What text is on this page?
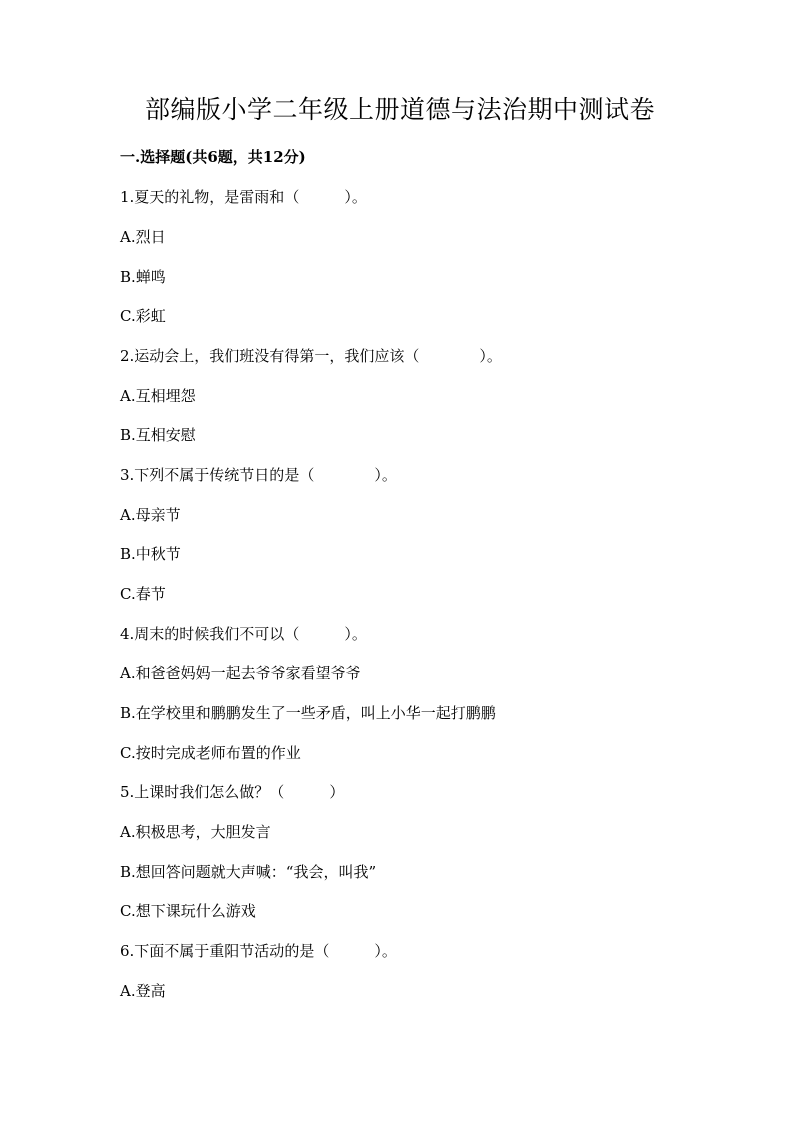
部编版小学二年级上册道德与法治期中测试卷
一.选择题(共6题，共12分)
1.夏天的礼物，是雷雨和（　　　）。
A.烈日
B.蝉鸣
C.彩虹
2.运动会上，我们班没有得第一，我们应该（　　　　）。
A.互相埋怨
B.互相安慰
3.下列不属于传统节日的是（　　　　）。
A.母亲节
B.中秋节
C.春节
4.周末的时候我们不可以（　　　）。
A.和爸爸妈妈一起去爷爷家看望爷爷
B.在学校里和鹏鹏发生了一些矛盾，叫上小华一起打鹏鹏
C.按时完成老师布置的作业
5.上课时我们怎么做？（　　　）
A.积极思考，大胆发言
B.想回答问题就大声喊：“我会，叫我”
C.想下课玩什么游戏
6.下面不属于重阳节活动的是（　　　）。
A.登高
